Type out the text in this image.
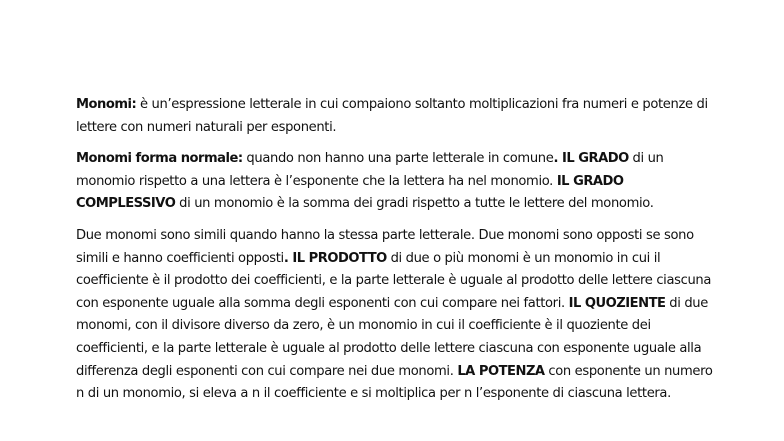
Monomi: è un’espressione letterale in cui compaiono soltanto moltiplicazioni fra numeri e potenze di lettere con numeri naturali per esponenti.

Monomi forma normale: quando non hanno una parte letterale in comune. IL GRADO di un monomio rispetto a una lettera è l’esponente che la lettera ha nel monomio. IL GRADO COMPLESSIVO di un monomio è la somma dei gradi rispetto a tutte le lettere del monomio.

Due monomi sono simili quando hanno la stessa parte letterale. Due monomi sono opposti se sono simili e hanno coefficienti opposti. IL PRODOTTO di due o più monomi è un monomio in cui il coefficiente è il prodotto dei coefficienti, e la parte letterale è uguale al prodotto delle lettere ciascuna con esponente uguale alla somma degli esponenti con cui compare nei fattori. IL QUOZIENTE di due monomi, con il divisore diverso da zero, è un monomio in cui il coefficiente è il quoziente dei coefficienti, e la parte letterale è uguale al prodotto delle lettere ciascuna con esponente uguale alla differenza degli esponenti con cui compare nei due monomi. LA POTENZA con esponente un numero n di un monomio, si eleva a n il coefficiente e si moltiplica per n l’esponente di ciascuna lettera.
